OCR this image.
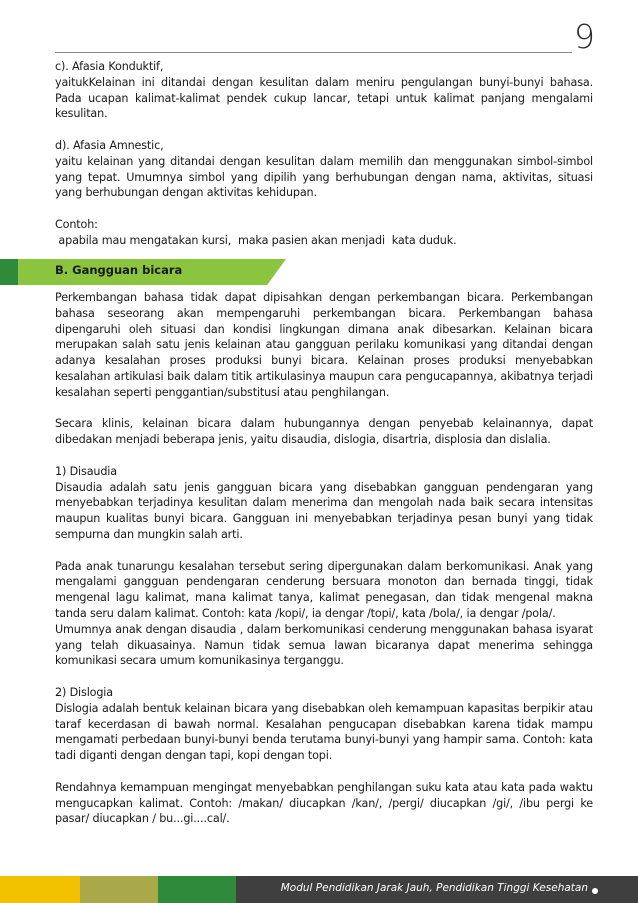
9

c). Afasia Konduktif,

yaitukKelainan ini ditandai dengan kesulitan dalam meniru pengulangan bunyi-bunyi bahasa. Pada ucapan kalimat-kalimat pendek cukup lancar, tetapi untuk kalimat panjang mengalami kesulitan.

d). Afasia Amnestic,

yaitu kelainan yang ditandai dengan kesulitan dalam memilih dan menggunakan simbol-simbol yang tepat. Umumnya simbol yang dipilih yang berhubungan dengan nama, aktivitas, situasi yang berhubungan dengan aktivitas kehidupan.

Contoh:

apabila mau mengatakan kursi,  maka pasien akan menjadi  kata duduk.

B. Gangguan bicara

Perkembangan bahasa tidak dapat dipisahkan dengan perkembangan bicara. Perkembangan bahasa seseorang akan mempengaruhi perkembangan bicara. Perkembangan bahasa dipengaruhi oleh situasi dan kondisi lingkungan dimana anak dibesarkan. Kelainan bicara merupakan salah satu jenis kelainan atau gangguan perilaku komunikasi yang ditandai dengan adanya kesalahan proses produksi bunyi bicara. Kelainan proses produksi menyebabkan kesalahan artikulasi baik dalam titik artikulasinya maupun cara pengucapannya, akibatnya terjadi kesalahan seperti penggantian/substitusi atau penghilangan.

Secara klinis, kelainan bicara dalam hubungannya dengan penyebab kelainannya, dapat dibedakan menjadi beberapa jenis, yaitu disaudia, dislogia, disartria, displosia dan dislalia.

1) Disaudia

Disaudia adalah satu jenis gangguan bicara yang disebabkan gangguan pendengaran yang menyebabkan terjadinya kesulitan dalam menerima dan mengolah nada baik secara intensitas maupun kualitas bunyi bicara. Gangguan ini menyebabkan terjadinya pesan bunyi yang tidak sempurna dan mungkin salah arti.

Pada anak tunarungu kesalahan tersebut sering dipergunakan dalam berkomunikasi. Anak yang mengalami gangguan pendengaran cenderung bersuara monoton dan bernada tinggi, tidak mengenal lagu kalimat, mana kalimat tanya, kalimat penegasan, dan tidak mengenal makna tanda seru dalam kalimat. Contoh: kata /kopi/, ia dengar /topi/, kata /bola/, ia dengar /pola/.

Umumnya anak dengan disaudia , dalam berkomunikasi cenderung menggunakan bahasa isyarat yang telah dikuasainya. Namun tidak semua lawan bicaranya dapat menerima sehingga komunikasi secara umum komunikasinya terganggu.

2) Dislogia

Dislogia adalah bentuk kelainan bicara yang disebabkan oleh kemampuan kapasitas berpikir atau taraf kecerdasan di bawah normal. Kesalahan pengucapan disebabkan karena tidak mampu mengamati perbedaan bunyi-bunyi benda terutama bunyi-bunyi yang hampir sama. Contoh: kata tadi diganti dengan dengan tapi, kopi dengan topi.

Rendahnya kemampuan mengingat menyebabkan penghilangan suku kata atau kata pada waktu mengucapkan kalimat. Contoh: /makan/ diucapkan /kan/, /pergi/ diucapkan /gi/, /ibu pergi ke pasar/ diucapkan / bu...gi....cal/.

Modul Pendidikan Jarak Jauh, Pendidikan Tinggi Kesehatan
